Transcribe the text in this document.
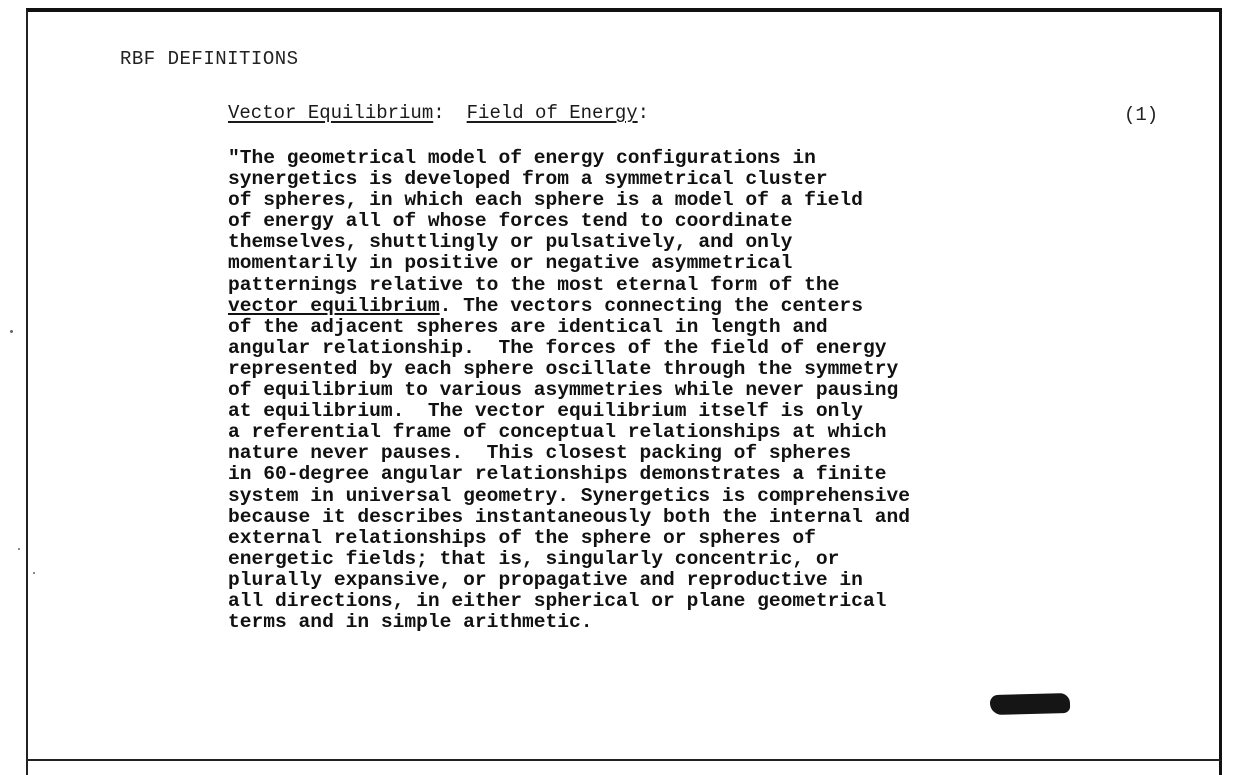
RBF DEFINITIONS
Vector Equilibrium: Field of Energy:	(1)
"The geometrical model of energy configurations in
synergetics is developed from a symmetrical cluster
of spheres, in which each sphere is a model of a field
of energy all of whose forces tend to coordinate
themselves, shuttlingly or pulsatively, and only
momentarily in positive or negative asymmetrical
patternings relative to the most eternal form of the
vector equilibrium. The vectors connecting the centers
of the adjacent spheres are identical in length and
angular relationship.  The forces of the field of energy
represented by each sphere oscillate through the symmetry
of equilibrium to various asymmetries while never pausing
at equilibrium.  The vector equilibrium itself is only
a referential frame of conceptual relationships at which
nature never pauses.  This closest packing of spheres
in 60-degree angular relationships demonstrates a finite
system in universal geometry. Synergetics is comprehensive
because it describes instantaneously both the internal and
external relationships of the sphere or spheres of
energetic fields; that is, singularly concentric, or
plurally expansive, or propagative and reproductive in
all directions, in either spherical or plane geometrical
terms and in simple arithmetic.
